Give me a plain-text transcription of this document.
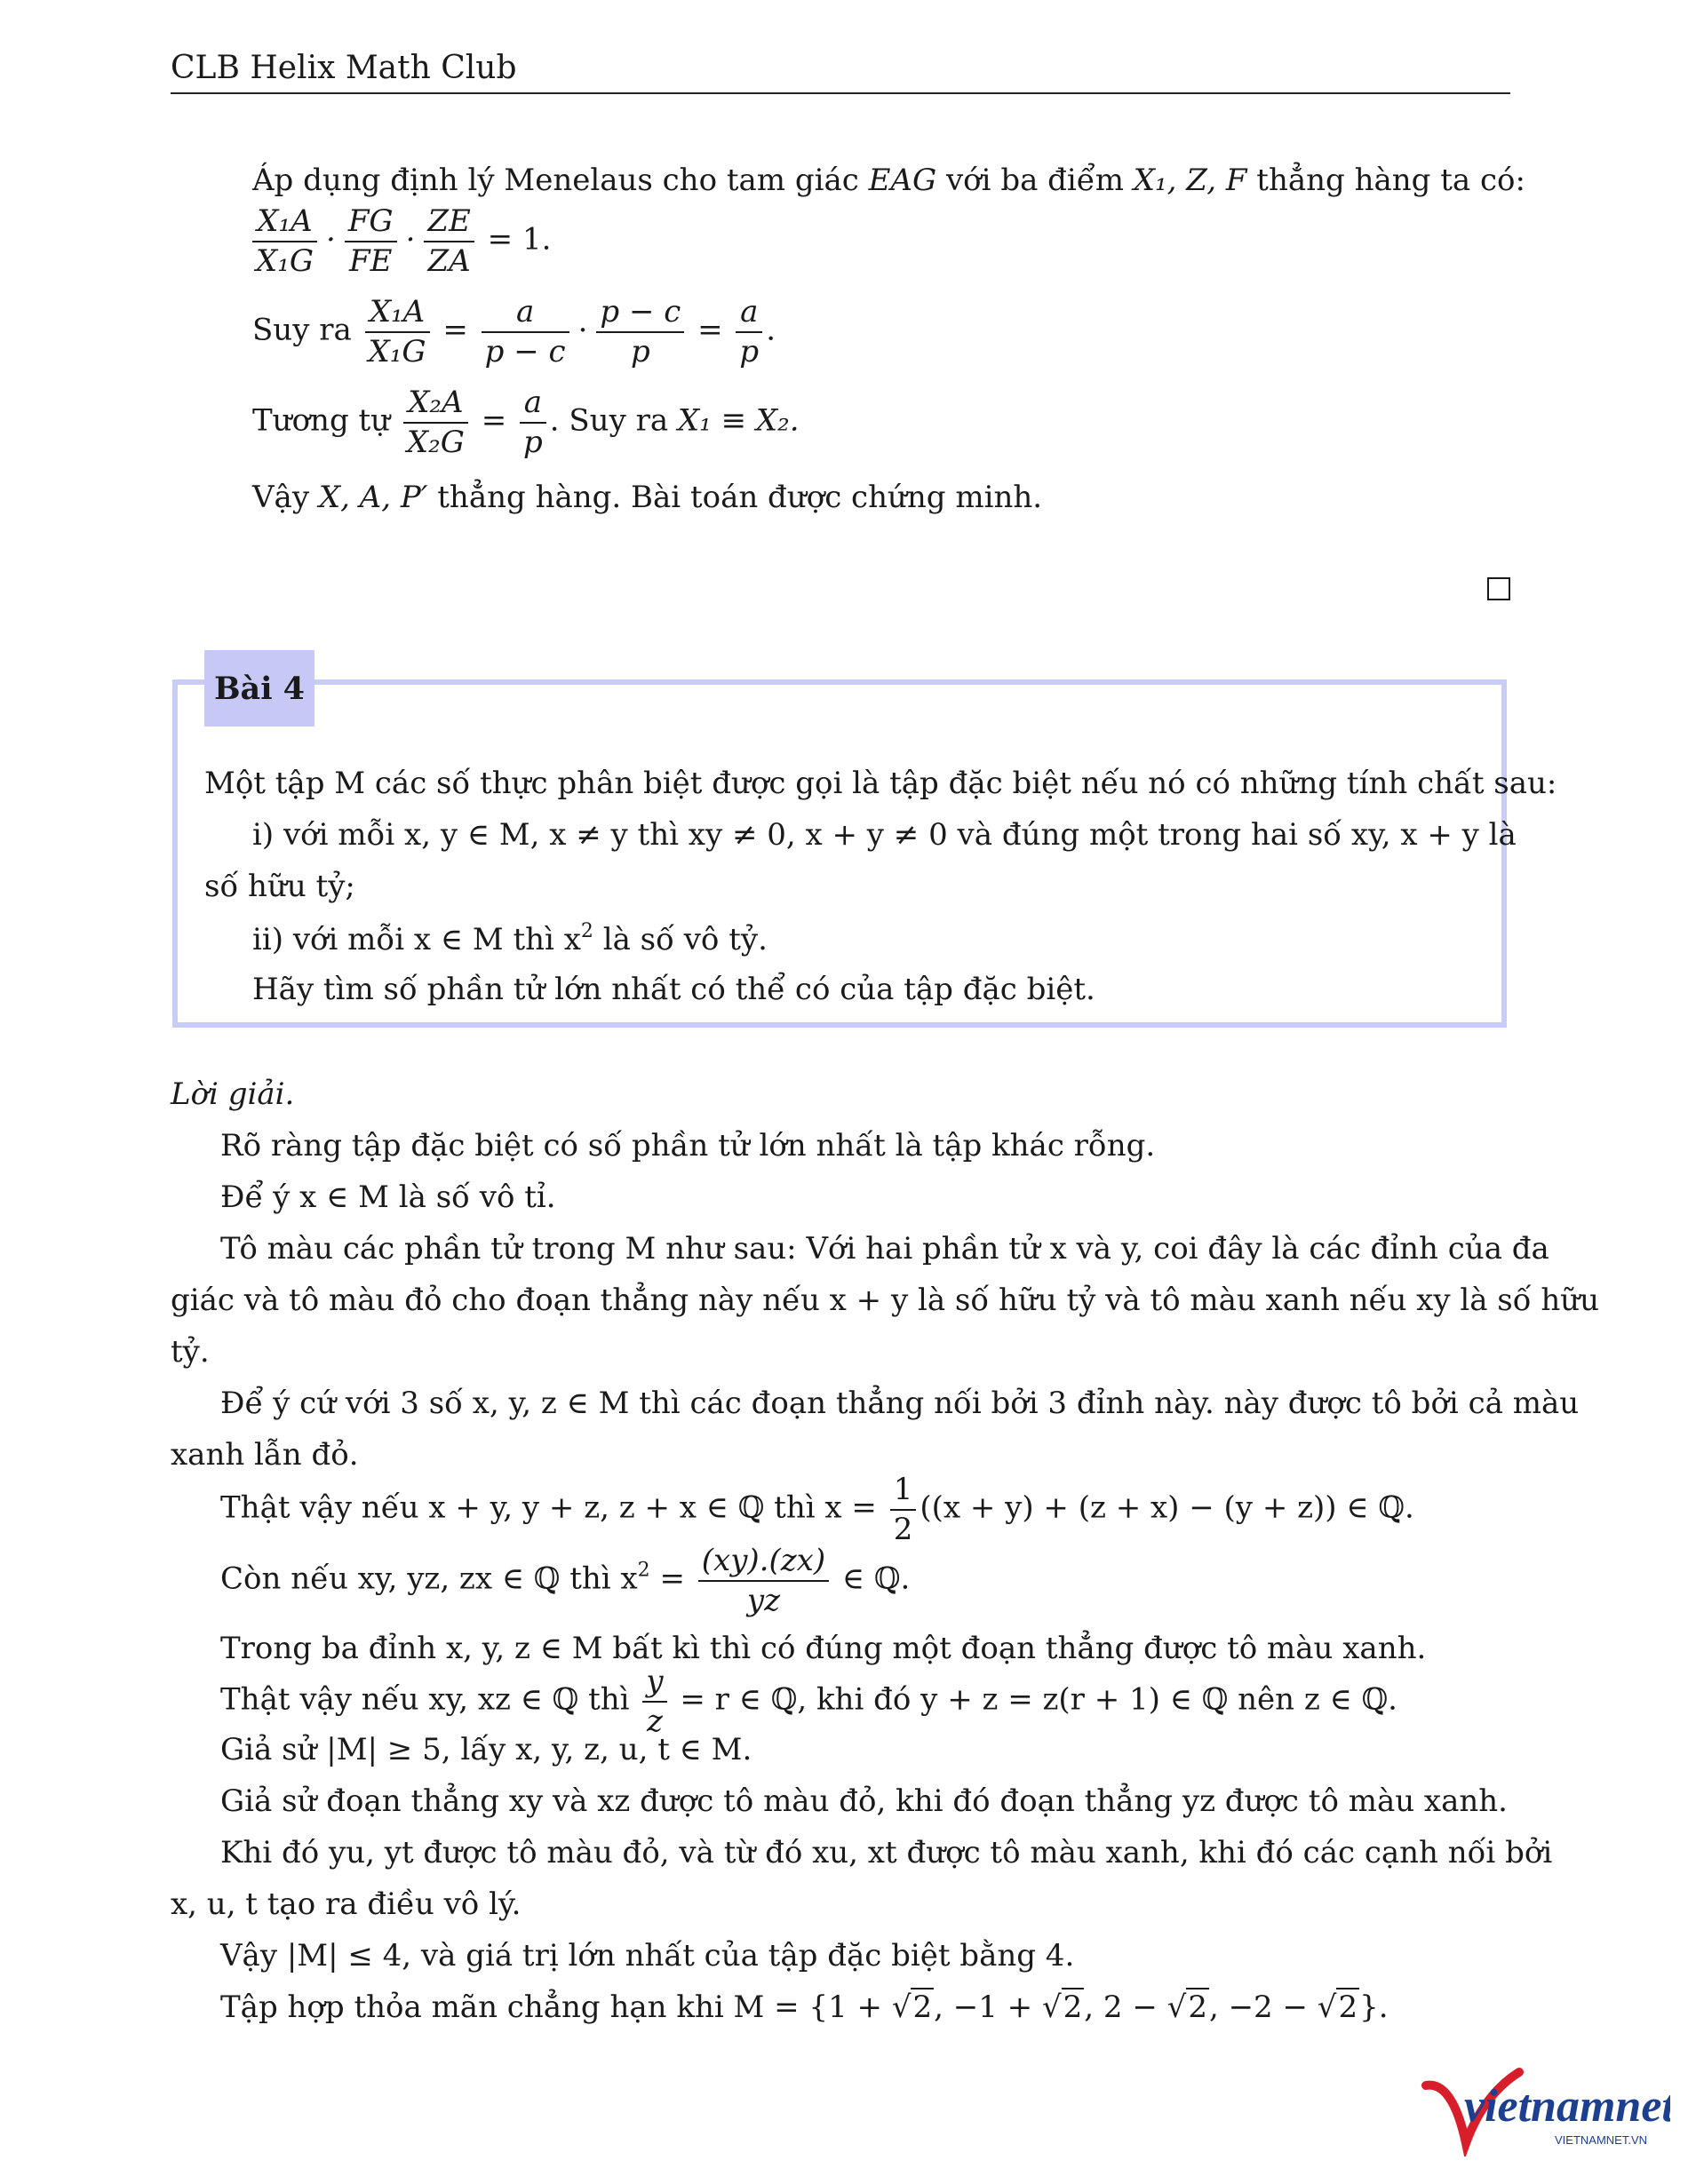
CLB Helix Math Club
Áp dụng định lý Menelaus cho tam giác EAG với ba điểm X₁, Z, F thẳng hàng ta có:
$\frac{\text{X₁A}}{\text{X₁G}} \cdot \frac{FG}{FE} \cdot \frac{ZE}{ZA} = 1$.
Suy ra $\frac{\text{X₁A}}{\text{X₁G}} = \frac{a}{p - c} \cdot \frac{p - c}{p} = \frac{a}{p}$ .
Tương tự $\frac{\text{X₂A}}{\text{X₂G}} = \frac{a}{p}$ . Suy ra X₁ ≡ X₂.
Vậy X, A, P′ thẳng hàng. Bài toán được chứng minh.
Bài 4
Một tập M các số thực phân biệt được gọi là tập đặc biệt nếu nó có những tính chất sau:
i) với mỗi x, y ∈ M, x ≠ y thì xy ≠ 0, x + y ≠ 0 và đúng một trong hai số xy, x + y là
số hữu tỷ;
ii) với mỗi x ∈ M thì $x^2$ là số vô tỷ.
Hãy tìm số phần tử lớn nhất có thể có của tập đặc biệt.
Lời giải.
Rõ ràng tập đặc biệt có số phần tử lớn nhất là tập khác rỗng.
Để ý x ∈ M là số vô tỉ.
Tô màu các phần tử trong M như sau: Với hai phần tử x và y, coi đây là các đỉnh của đa
giác và tô màu đỏ cho đoạn thẳng này nếu x + y là số hữu tỷ và tô màu xanh nếu xy là số hữu
tỷ.
Để ý cứ với 3 số x, y, z ∈ M thì các đoạn thẳng nối bởi 3 đỉnh này. này được tô bởi cả màu
xanh lẫn đỏ.
Thật vậy nếu x + y, y + z, z + x ∈ ℚ thì $x = \frac{1}{2} ((x + y) + (z + x) - (y + z))$ ∈ ℚ.
Còn nếu xy, yz, zx ∈ ℚ thì $x^2 = \frac{(xy).(zx)}{yz}$ ∈ ℚ.
Trong ba đỉnh x, y, z ∈ M bất kì thì có đúng một đoạn thẳng được tô màu xanh.
Thật vậy nếu xy, xz ∈ ℚ thì $\frac{y}{z} = r$ ∈ ℚ, khi đó y + z = z(r + 1) ∈ ℚ nên z ∈ ℚ.
Giả sử |M| ≥ 5, lấy x, y, z, u, t ∈ M.
Giả sử đoạn thẳng xy và xz được tô màu đỏ, khi đó đoạn thẳng yz được tô màu xanh.
Khi đó yu, yt được tô màu đỏ, và từ đó xu, xt được tô màu xanh, khi đó các cạnh nối bởi
x, u, t tạo ra điều vô lý.
Vậy |M| ≤ 4, và giá trị lớn nhất của tập đặc biệt bằng 4.
Tập hợp thỏa mãn chẳng hạn khi M = {1 + √2, −1 + √2, 2 − √2, −2 − √2}.
vietnamnet
VIETNAMNET.VN
